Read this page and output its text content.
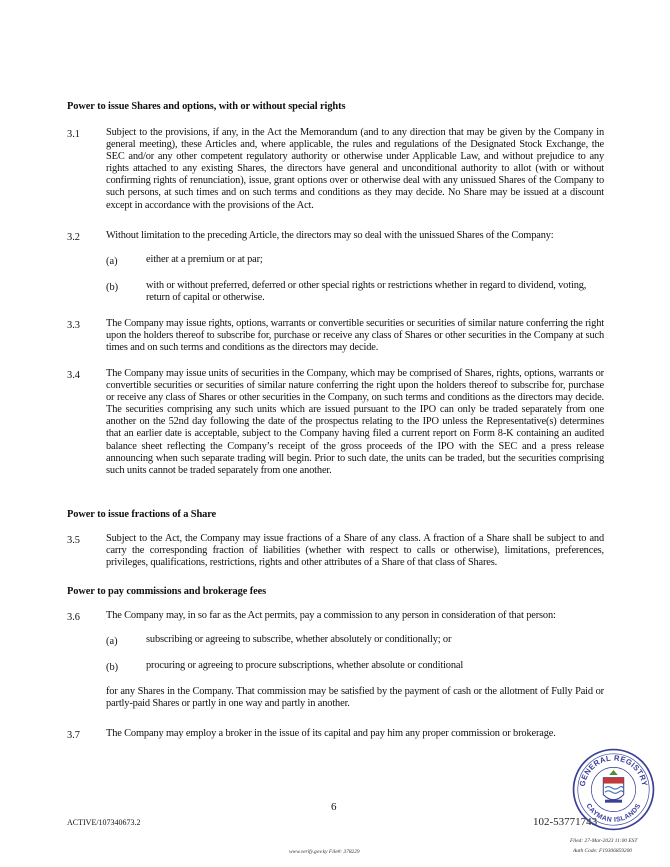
Power to issue Shares and options, with or without special rights
3.1	Subject to the provisions, if any, in the Act the Memorandum (and to any direction that may be given by the Company in general meeting), these Articles and, where applicable, the rules and regulations of the Designated Stock Exchange, the SEC and/or any other competent regulatory authority or otherwise under Applicable Law, and without prejudice to any rights attached to any existing Shares, the directors have general and unconditional authority to allot (with or without confirming rights of renunciation), issue, grant options over or otherwise deal with any unissued Shares of the Company to such persons, at such times and on such terms and conditions as they may decide. No Share may be issued at a discount except in accordance with the provisions of the Act.
3.2	Without limitation to the preceding Article, the directors may so deal with the unissued Shares of the Company:
(a)	either at a premium or at par;
(b)	with or without preferred, deferred or other special rights or restrictions whether in regard to dividend, voting, return of capital or otherwise.
3.3	The Company may issue rights, options, warrants or convertible securities or securities of similar nature conferring the right upon the holders thereof to subscribe for, purchase or receive any class of Shares or other securities in the Company at such times and on such terms and conditions as the directors may decide.
3.4	The Company may issue units of securities in the Company, which may be comprised of Shares, rights, options, warrants or convertible securities or securities of similar nature conferring the right upon the holders thereof to subscribe for, purchase or receive any class of Shares or other securities in the Company, on such terms and conditions as the directors may decide. The securities comprising any such units which are issued pursuant to the IPO can only be traded separately from one another on the 52nd day following the date of the prospectus relating to the IPO unless the Representative(s) determines that an earlier date is acceptable, subject to the Company having filed a current report on Form 8-K containing an audited balance sheet reflecting the Company’s receipt of the gross proceeds of the IPO with the SEC and a press release announcing when such separate trading will begin. Prior to such date, the units can be traded, but the securities comprising such units cannot be traded separately from one another.
Power to issue fractions of a Share
3.5	Subject to the Act, the Company may issue fractions of a Share of any class. A fraction of a Share shall be subject to and carry the corresponding fraction of liabilities (whether with respect to calls or otherwise), limitations, preferences, privileges, qualifications, restrictions, rights and other attributes of a Share of that class of Shares.
Power to pay commissions and brokerage fees
3.6	The Company may, in so far as the Act permits, pay a commission to any person in consideration of that person:
(a)	subscribing or agreeing to subscribe, whether absolutely or conditionally; or
(b)	procuring or agreeing to procure subscriptions, whether absolute or conditional
for any Shares in the Company. That commission may be satisfied by the payment of cash or the allotment of Fully Paid or partly-paid Shares or partly in one way and partly in another.
3.7	The Company may employ a broker in the issue of its capital and pay him any proper commission or brokerage.
6
ACTIVE/107340673.2	102-53771743
Filed: 27-Mar-2023 11:00 EST
Auth Code: F19306859200
www.verify.gov.ky File#: 378229
GENERAL REGISTRY
CAYMAN ISLANDS
